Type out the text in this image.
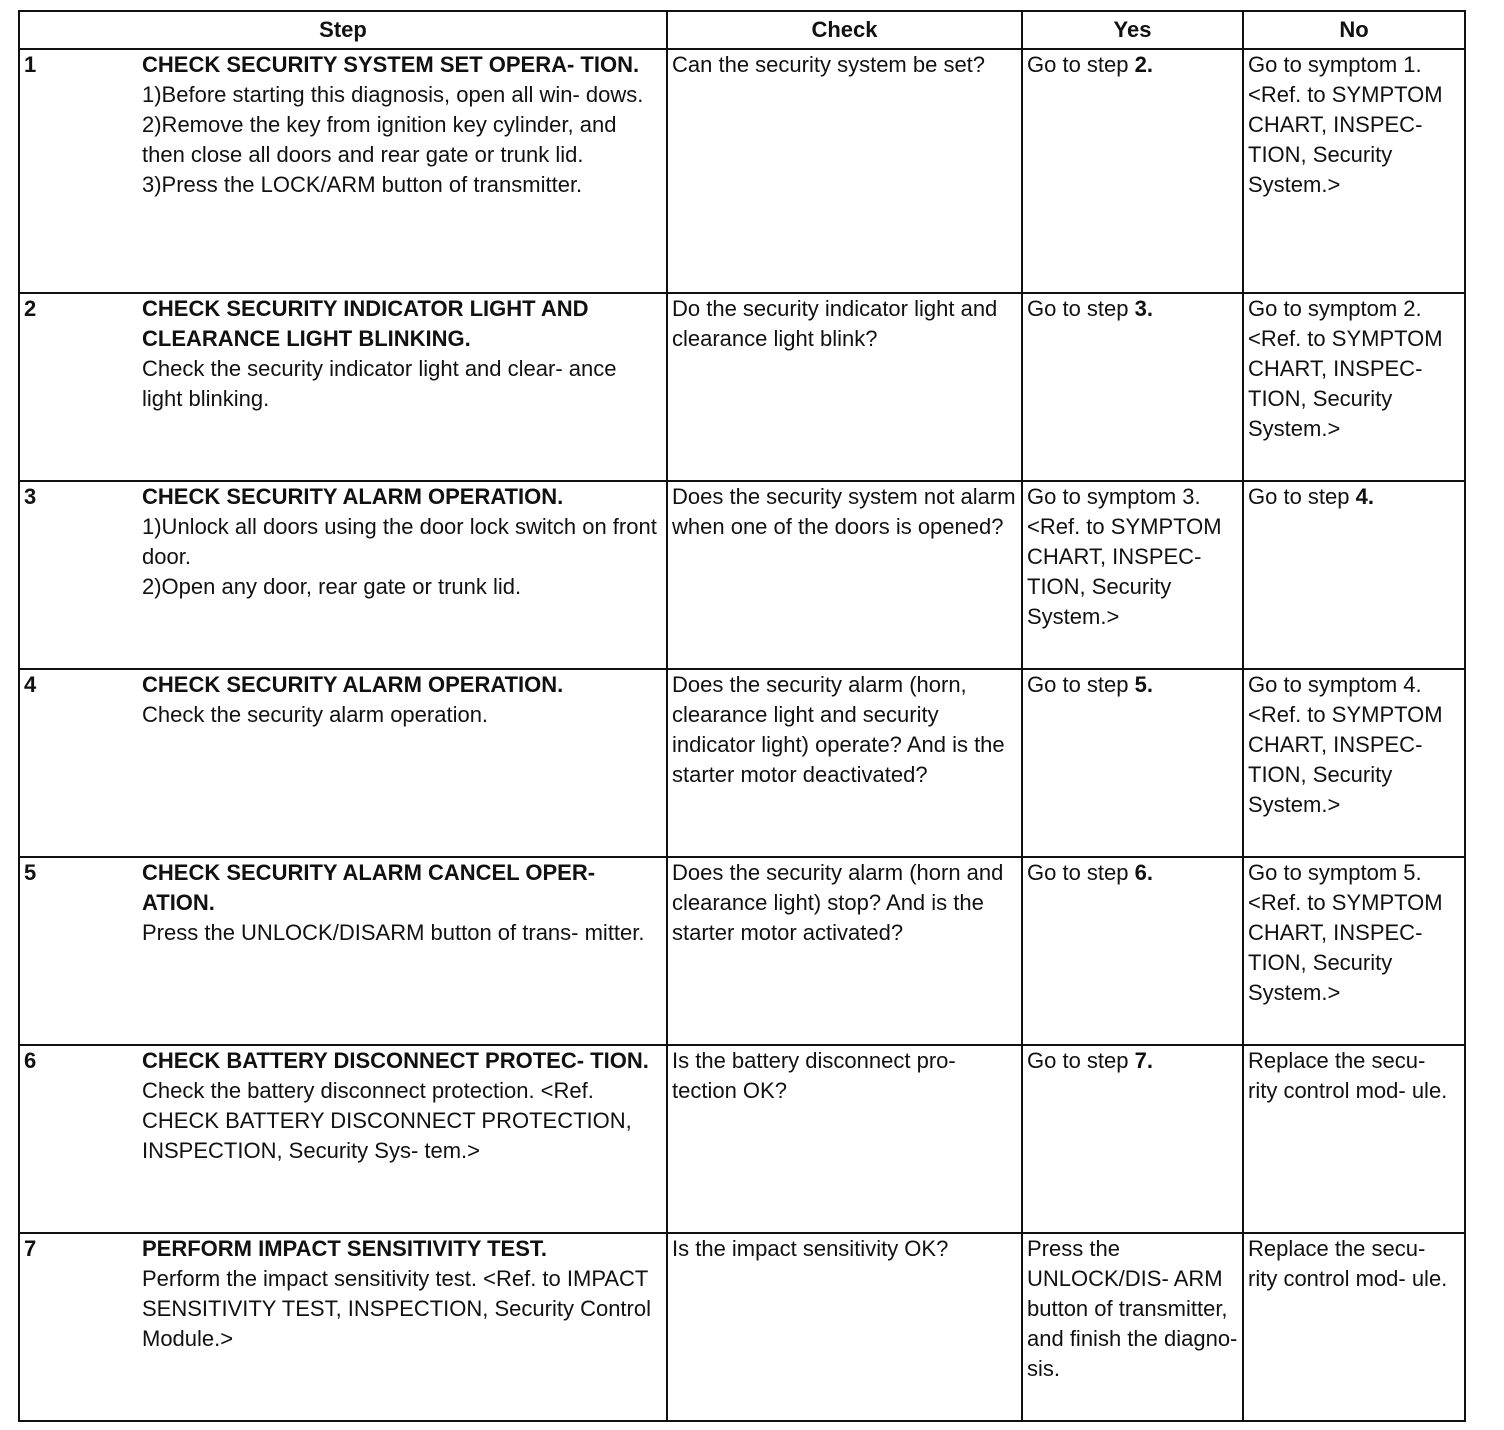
Step	Check	Yes	No
1 CHECK SECURITY SYSTEM SET OPERA- TION.
1)Before starting this diagnosis, open all win- dows.
2)Remove the key from ignition key cylinder, and then close all doors and rear gate or trunk lid.
3)Press the LOCK/ARM button of transmitter.	Can the security system be set?	Go to step 2.	Go to symptom 1. <Ref. to SYMPTOM CHART, INSPEC- TION, Security System.>
2 CHECK SECURITY INDICATOR LIGHT AND CLEARANCE LIGHT BLINKING.
Check the security indicator light and clear- ance light blinking.	Do the security indicator light and clearance light blink?	Go to step 3.	Go to symptom 2. <Ref. to SYMPTOM CHART, INSPEC- TION, Security System.>
3 CHECK SECURITY ALARM OPERATION.
1)Unlock all doors using the door lock switch on front door.
2)Open any door, rear gate or trunk lid.	Does the security system not alarm when one of the doors is opened?	Go to symptom 3. <Ref. to SYMPTOM CHART, INSPEC- TION, Security System.>	Go to step 4.
4 CHECK SECURITY ALARM OPERATION.
Check the security alarm operation.	Does the security alarm (horn, clearance light and security indicator light) operate? And is the starter motor deactivated?	Go to step 5.	Go to symptom 4. <Ref. to SYMPTOM CHART, INSPEC- TION, Security System.>
5 CHECK SECURITY ALARM CANCEL OPER- ATION.
Press the UNLOCK/DISARM button of trans- mitter.	Does the security alarm (horn and clearance light) stop? And is the starter motor activated?	Go to step 6.	Go to symptom 5. <Ref. to SYMPTOM CHART, INSPEC- TION, Security System.>
6 CHECK BATTERY DISCONNECT PROTEC- TION.
Check the battery disconnect protection. <Ref. CHECK BATTERY DISCONNECT PROTECTION, INSPECTION, Security Sys- tem.>	Is the battery disconnect pro- tection OK?	Go to step 7.	Replace the secu- rity control mod- ule.
7 PERFORM IMPACT SENSITIVITY TEST.
Perform the impact sensitivity test. <Ref. to IMPACT SENSITIVITY TEST, INSPECTION, Security Control Module.>	Is the impact sensitivity OK?	Press the UNLOCK/DIS- ARM button of transmitter, and finish the diagno- sis.	Replace the secu- rity control mod- ule.
